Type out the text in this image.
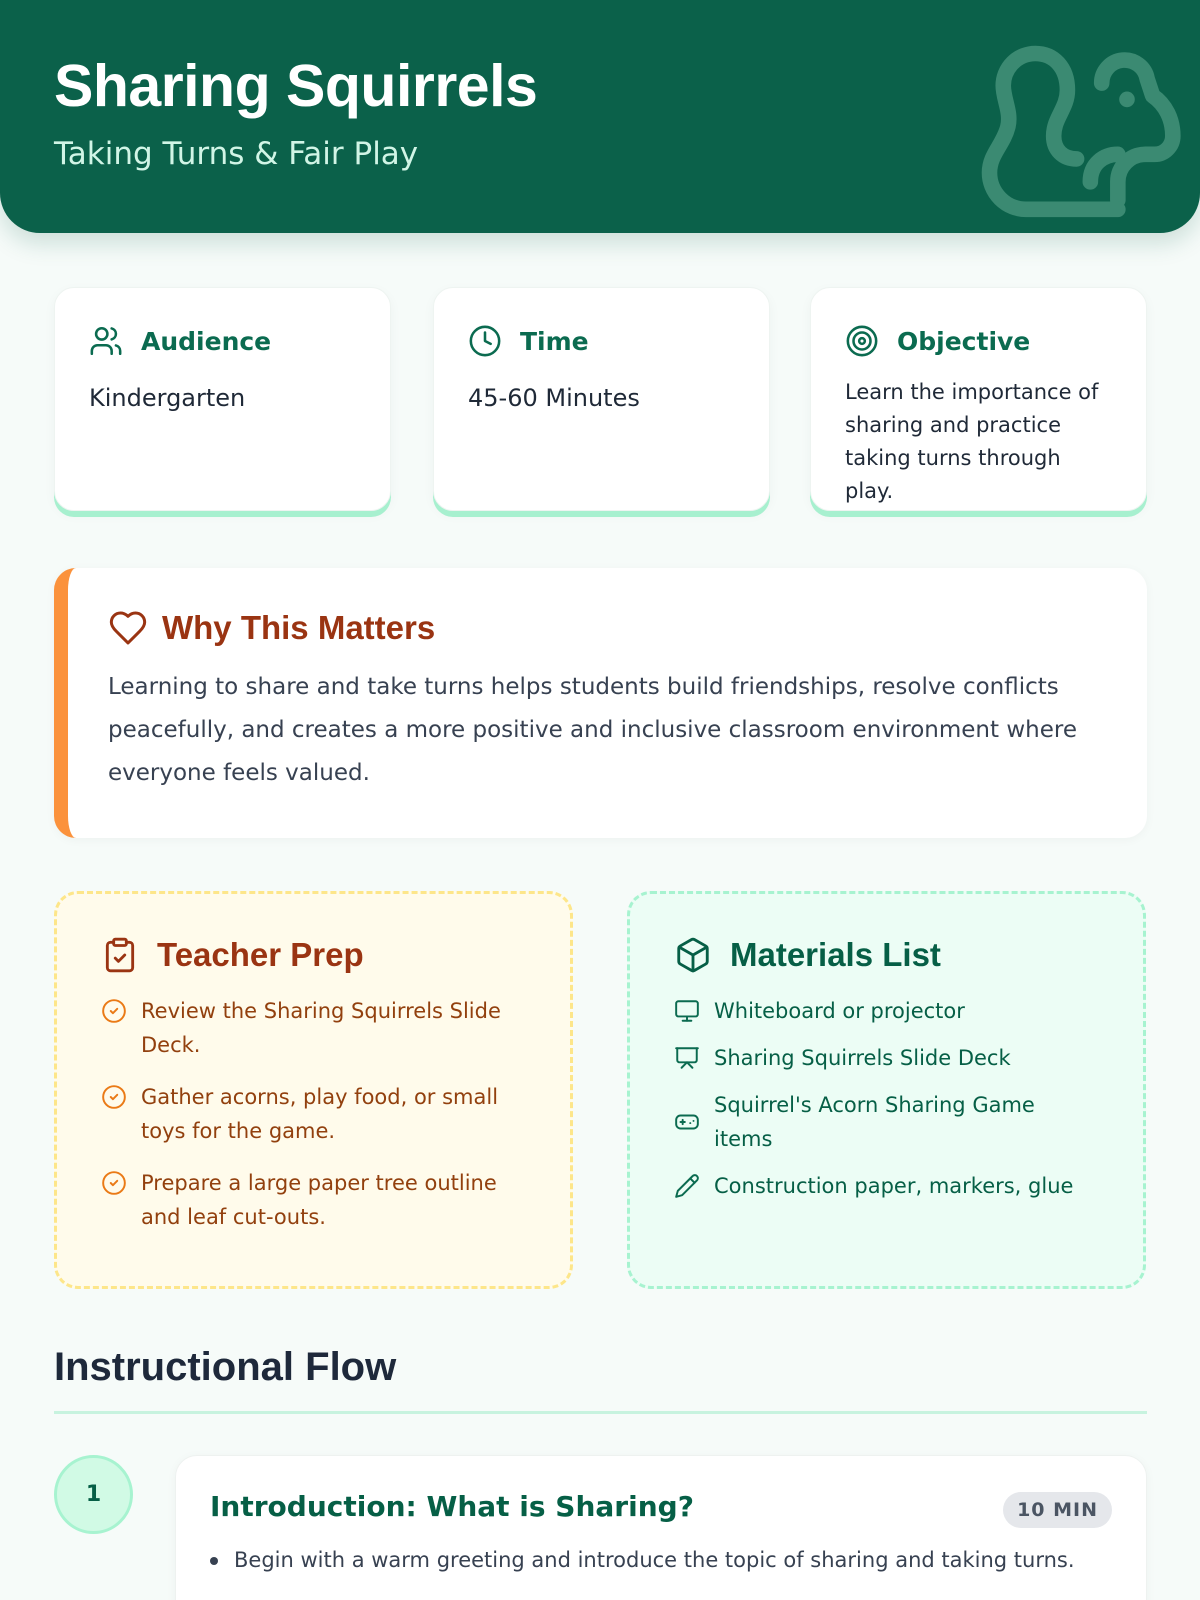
Sharing Squirrels
Taking Turns & Fair Play
Audience
Kindergarten
Time
45-60 Minutes
Objective
Learn the importance of sharing and practice taking turns through play.
Why This Matters

Learning to share and take turns helps students build friendships, resolve conflicts peacefully, and creates a more positive and inclusive classroom environment where everyone feels valued.

Teacher Prep
Review the Sharing Squirrels Slide Deck.
Gather acorns, play food, or small toys for the game.
Prepare a large paper tree outline and leaf cut-outs.
Materials List
Whiteboard or projector
Sharing Squirrels Slide Deck
Squirrel's Acorn Sharing Game items
Construction paper, markers, glue
Instructional Flow
1	Introduction: What is Sharing?	10 MIN
Begin with a warm greeting and introduce the topic of sharing and taking turns.
